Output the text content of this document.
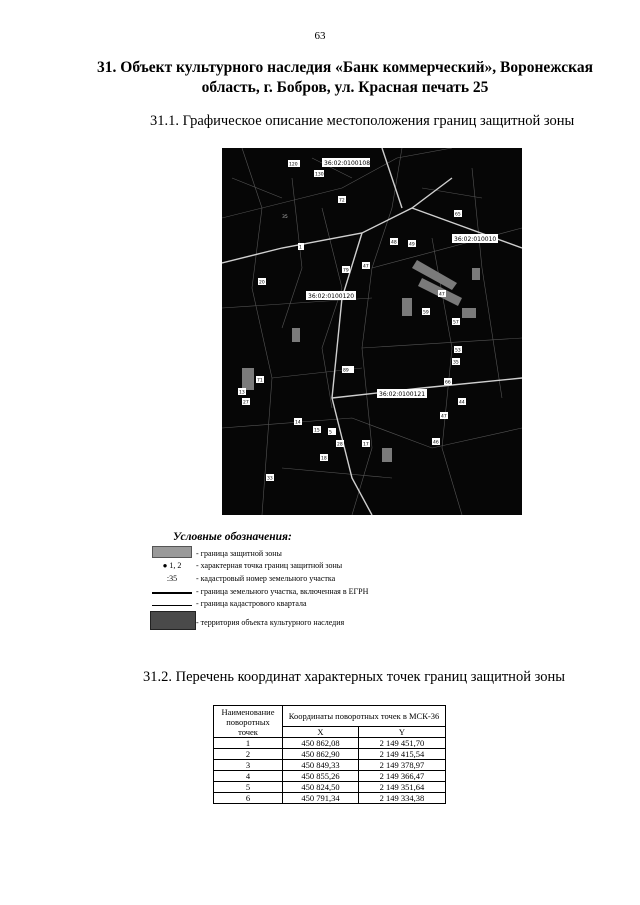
63
31. Объект культурного наследия «Банк коммерческий», Воронежская
область, г. Бобров, ул. Красная печать 25
31.1. Графическое описание местоположения границ защитной зоны
36:02:0100108
36:02:010010
36:02:0100120
36:02:0100121
120
130
72
48	49
65
79
47
1
20
59
35
89
71
13
44
15 5
28	17
18
46
57
66
33
35
47
53
14
27
47
Условные обозначения:
- граница защитной зоны
● 1, 2 - характерная точка границ защитной зоны
:35 - кадастровый номер земельного участка
- граница земельного участка, включенная в ЕГРН
- граница кадастрового квартала
- территория объекта культурного наследия
31.2. Перечень координат характерных точек границ защитной зоны
Наименование поворотных точек	Координаты поворотных точек в МСК-36	
	X	Y
1	450 862,08	2 149 451,70
2	450 862,90	2 149 415,54
3	450 849,33	2 149 378,97
4	450 855,26	2 149 366,47
5	450 824,50	2 149 351,64
6	450 791,34	2 149 334,38
